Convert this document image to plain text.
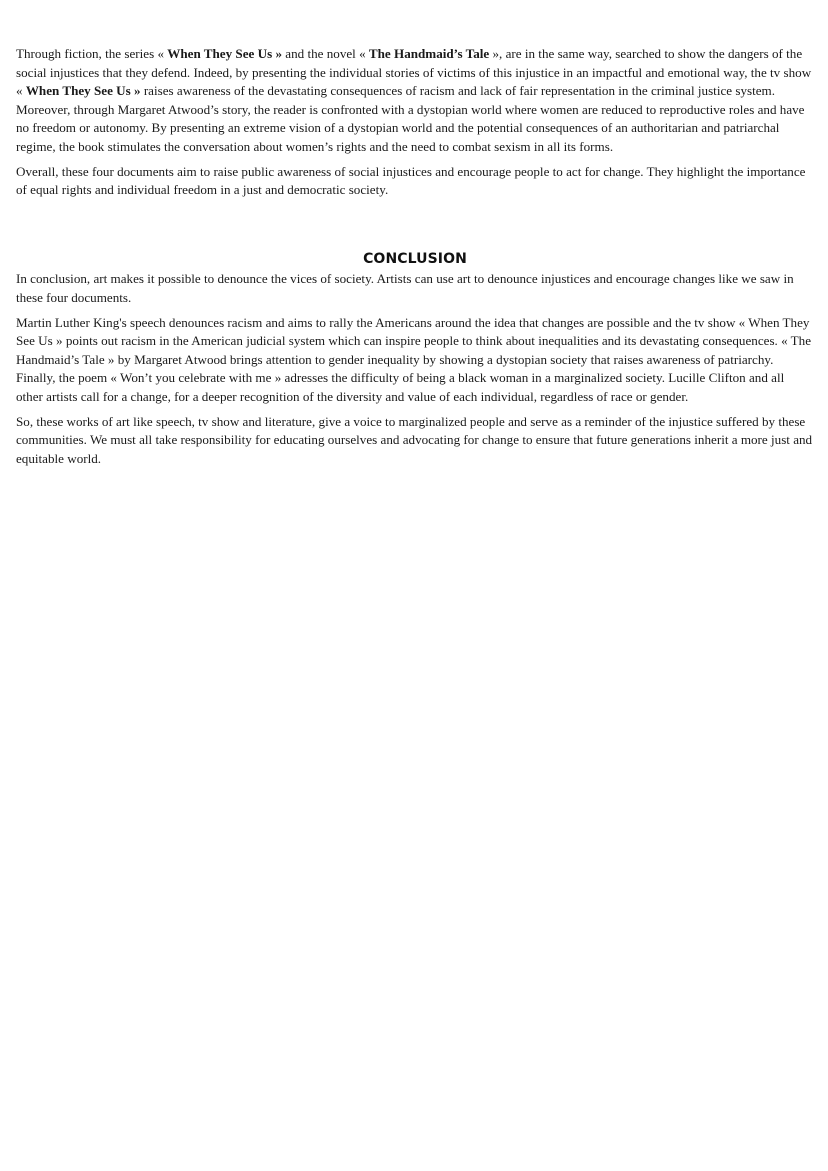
Through fiction, the series « When They See Us » and the novel « The Handmaid’s Tale », are in the same way, searched to show the dangers of the social injustices that they defend. Indeed, by presenting the individual stories of victims of this injustice in an impactful and emotional way, the tv show « When They See Us » raises awareness of the devastating consequences of racism and lack of fair representation in the criminal justice system. Moreover, through Margaret Atwood’s story, the reader is confronted with a dystopian world where women are reduced to reproductive roles and have no freedom or autonomy. By presenting an extreme vision of a dystopian world and the potential consequences of an authoritarian and patriarchal regime, the book stimulates the conversation about women’s rights and the need to combat sexism in all its forms.

Overall, these four documents aim to raise public awareness of social injustices and encourage people to act for change. They highlight the importance of equal rights and individual freedom in a just and democratic society.

CONCLUSION

In conclusion, art makes it possible to denounce the vices of society. Artists can use art to denounce injustices and encourage changes like we saw in these four documents.

Martin Luther King's speech denounces racism and aims to rally the Americans around the idea that changes are possible and the tv show « When They See Us » points out racism in the American judicial system which can inspire people to think about inequalities and its devastating consequences. « The Handmaid’s Tale » by Margaret Atwood brings attention to gender inequality by showing a dystopian society that raises awareness of patriarchy. Finally, the poem « Won’t you celebrate with me » adresses the difficulty of being a black woman in a marginalized society. Lucille Clifton and all other artists call for a change, for a deeper recognition of the diversity and value of each individual, regardless of race or gender.

So, these works of art like speech, tv show and literature, give a voice to marginalized people and serve as a reminder of the injustice suffered by these communities. We must all take responsibility for educating ourselves and advocating for change to ensure that future generations inherit a more just and equitable world.
